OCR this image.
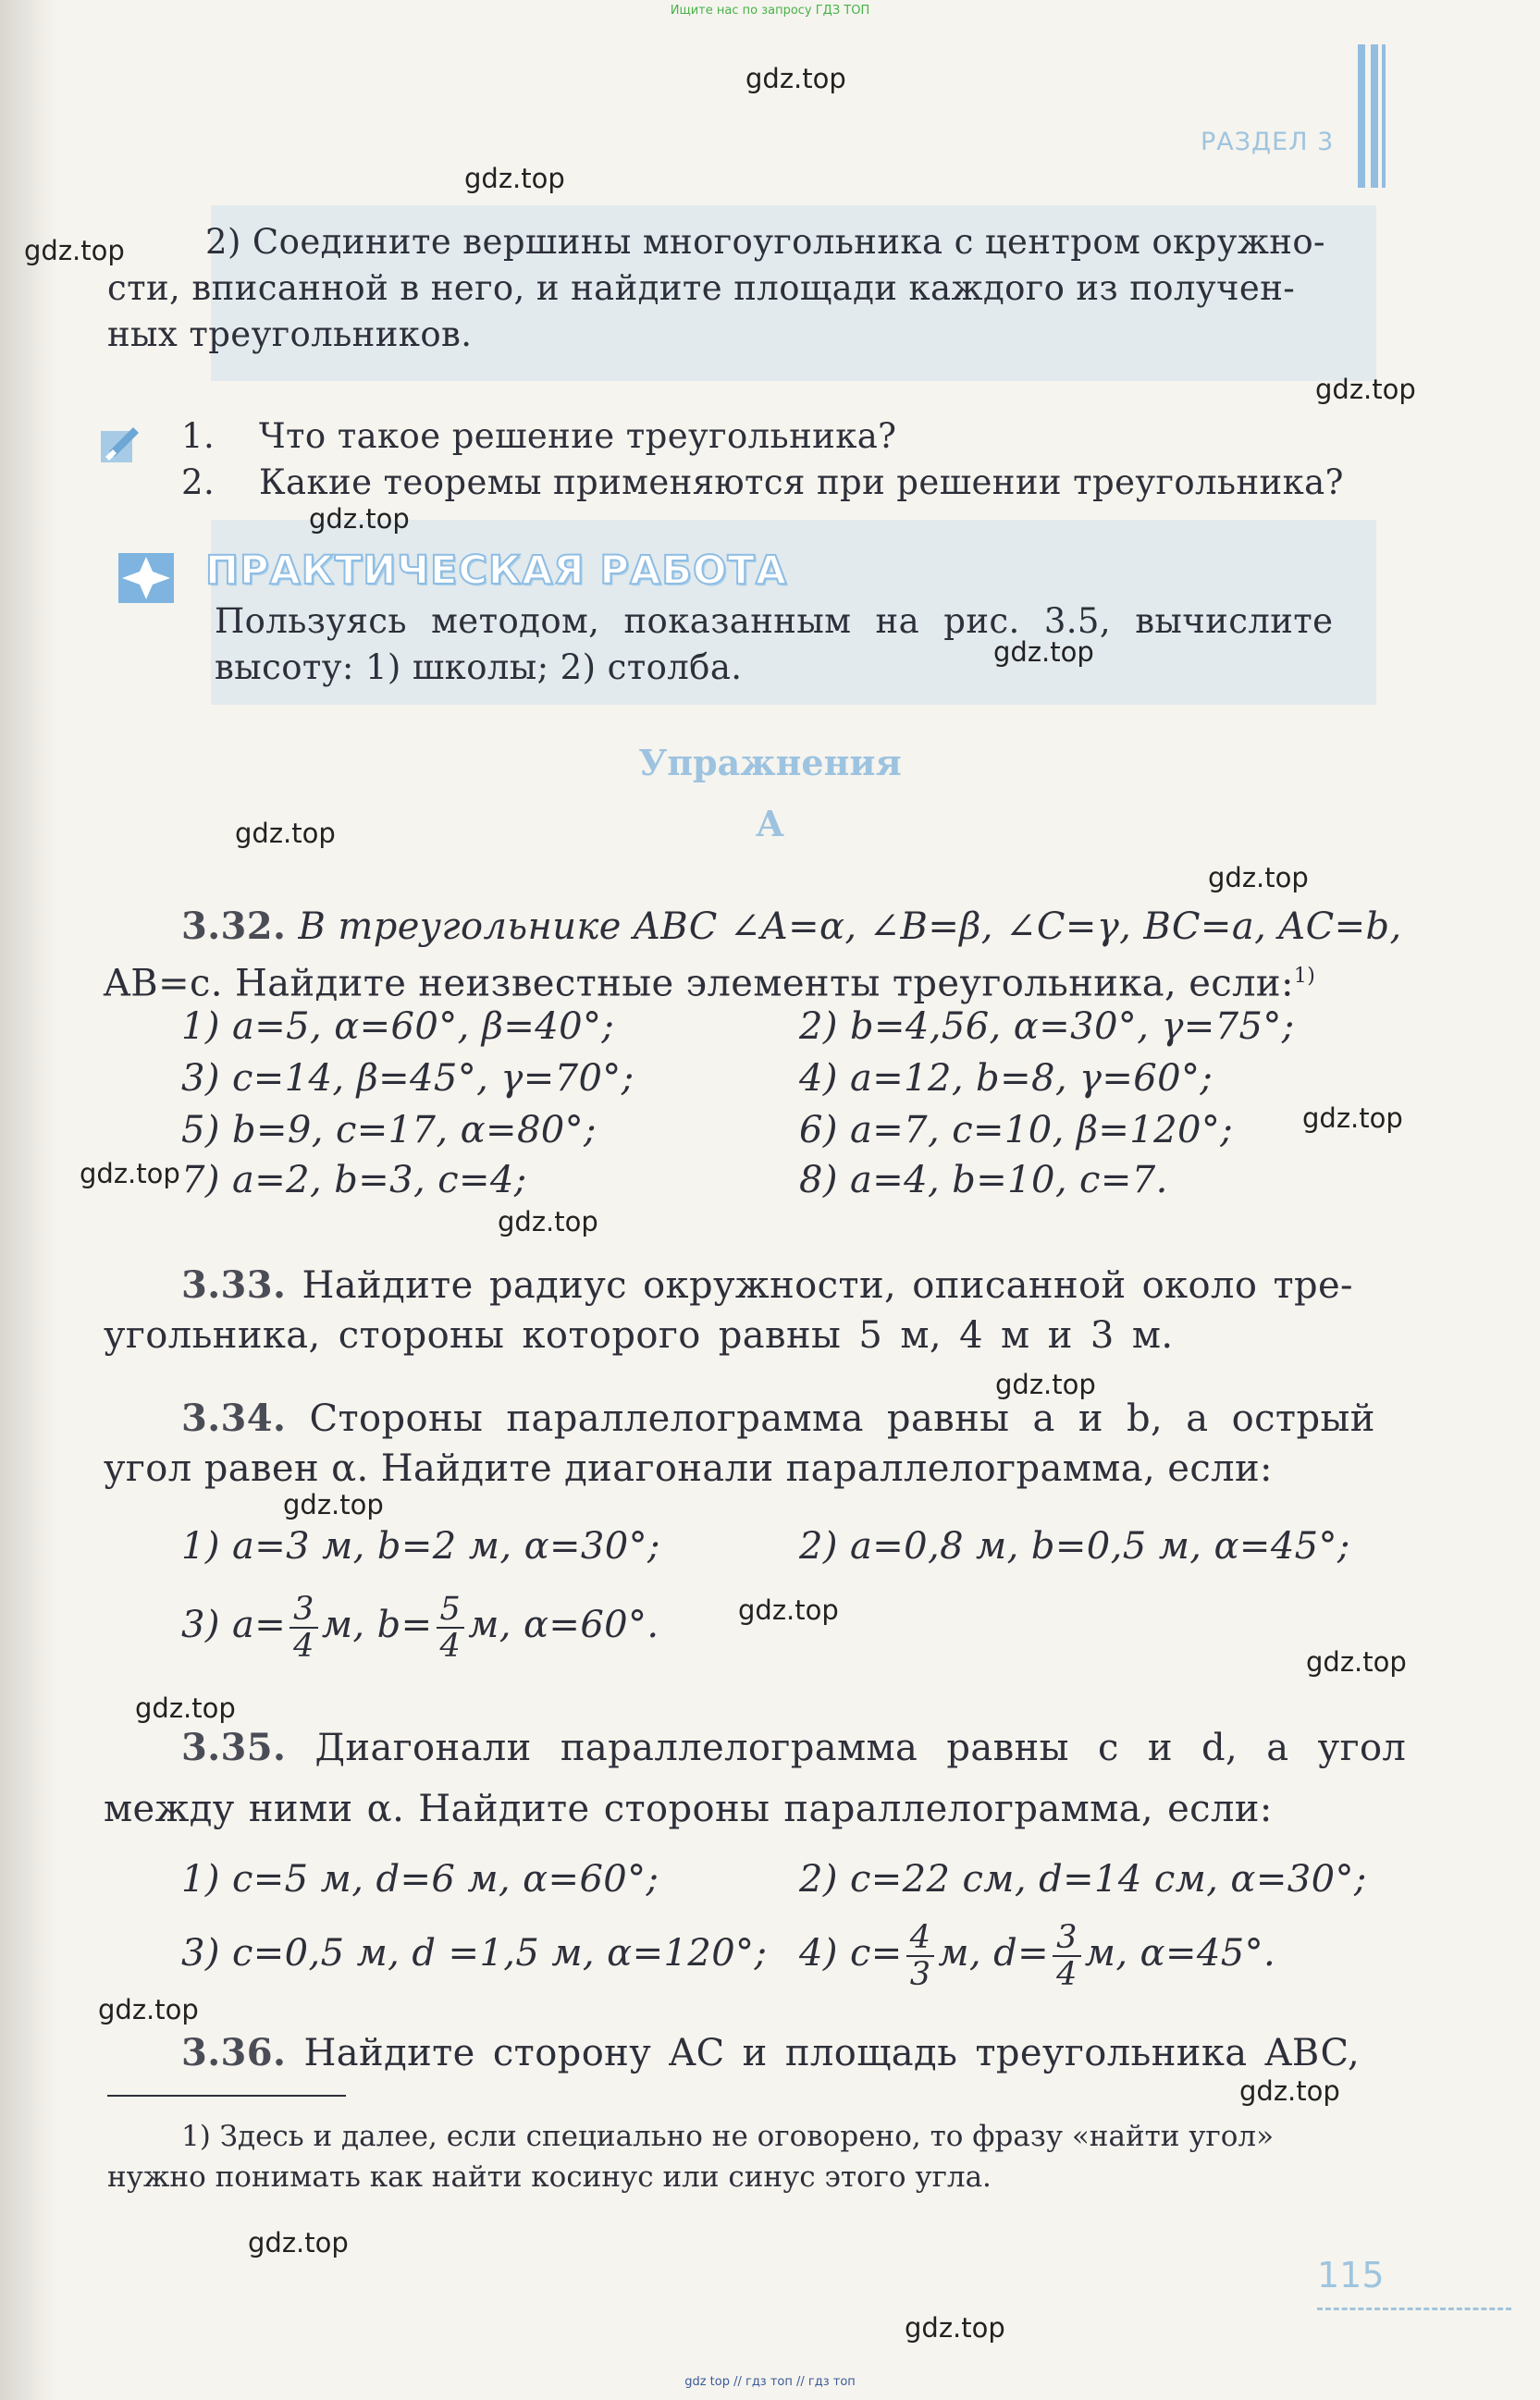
Ищите нас по запросу ГДЗ ТОП
РАЗДЕЛ 3
2) Соедините вершины многоугольника с центром окружно-
сти, вписанной в него, и найдите площади каждого из получен-
ных треугольников.
1. Что такое решение треугольника?
2. Какие теоремы применяются при решении треугольника?
ПРАКТИЧЕСКАЯ РАБОТА
Пользуясь методом, показанным на рис. 3.5, вычислите
высоту: 1) школы; 2) столба.
Упражнения
А
3.32. В треугольнике ABC ∠A=α, ∠B=β, ∠C=γ, BC=a, AC=b,
AB=c. Найдите неизвестные элементы треугольника, если:$^{1)}$
1) a=5, α=60°, β=40°;	2) b=4,56, α=30°, γ=75°;
3) c=14, β=45°, γ=70°;	4) a=12, b=8, γ=60°;
5) b=9, c=17, α=80°;	6) a=7, c=10, β=120°;
7) a=2, b=3, c=4;	8) a=4, b=10, c=7.
3.33. Найдите радиус окружности, описанной около тре-
угольника, стороны которого равны 5 м, 4 м и 3 м.
3.34. Стороны параллелограмма равны a и b, а острый
угол равен α. Найдите диагонали параллелограмма, если:
1) a=3 м, b=2 м, α=30°;	2) a=0,8 м, b=0,5 м, α=45°;
3) $a= \frac{3}{4} м$, $b= \frac{5}{4} м$, α=60°.
3.35. Диагонали параллелограмма равны c и d, а угол
между ними α. Найдите стороны параллелограмма, если:
1) c=5 м, d=6 м, α=60°;	2) c=22 см, d=14 см, α=30°;
3) c=0,5 м, d =1,5 м, α=120°; 4) $c= \frac{4}{3} м$, $d= \frac{3}{4} м$, α=45°.
3.36. Найдите сторону AC и площадь треугольника ABC,
1) Здесь и далее, если специально не оговорено, то фразу «найти угол»
нужно понимать как найти косинус или синус этого угла.
115
gdz.top
gdz.top
gdz.top
gdz.top
gdz.top
gdz.top
gdz.top
gdz.top
gdz.top
gdz.top
gdz.top
gdz.top
gdz.top
gdz.top
gdz.top
gdz.top
gdz.top
gdz.top
gdz.top
gdz.top
gdz top // гдз топ // гдз топ
